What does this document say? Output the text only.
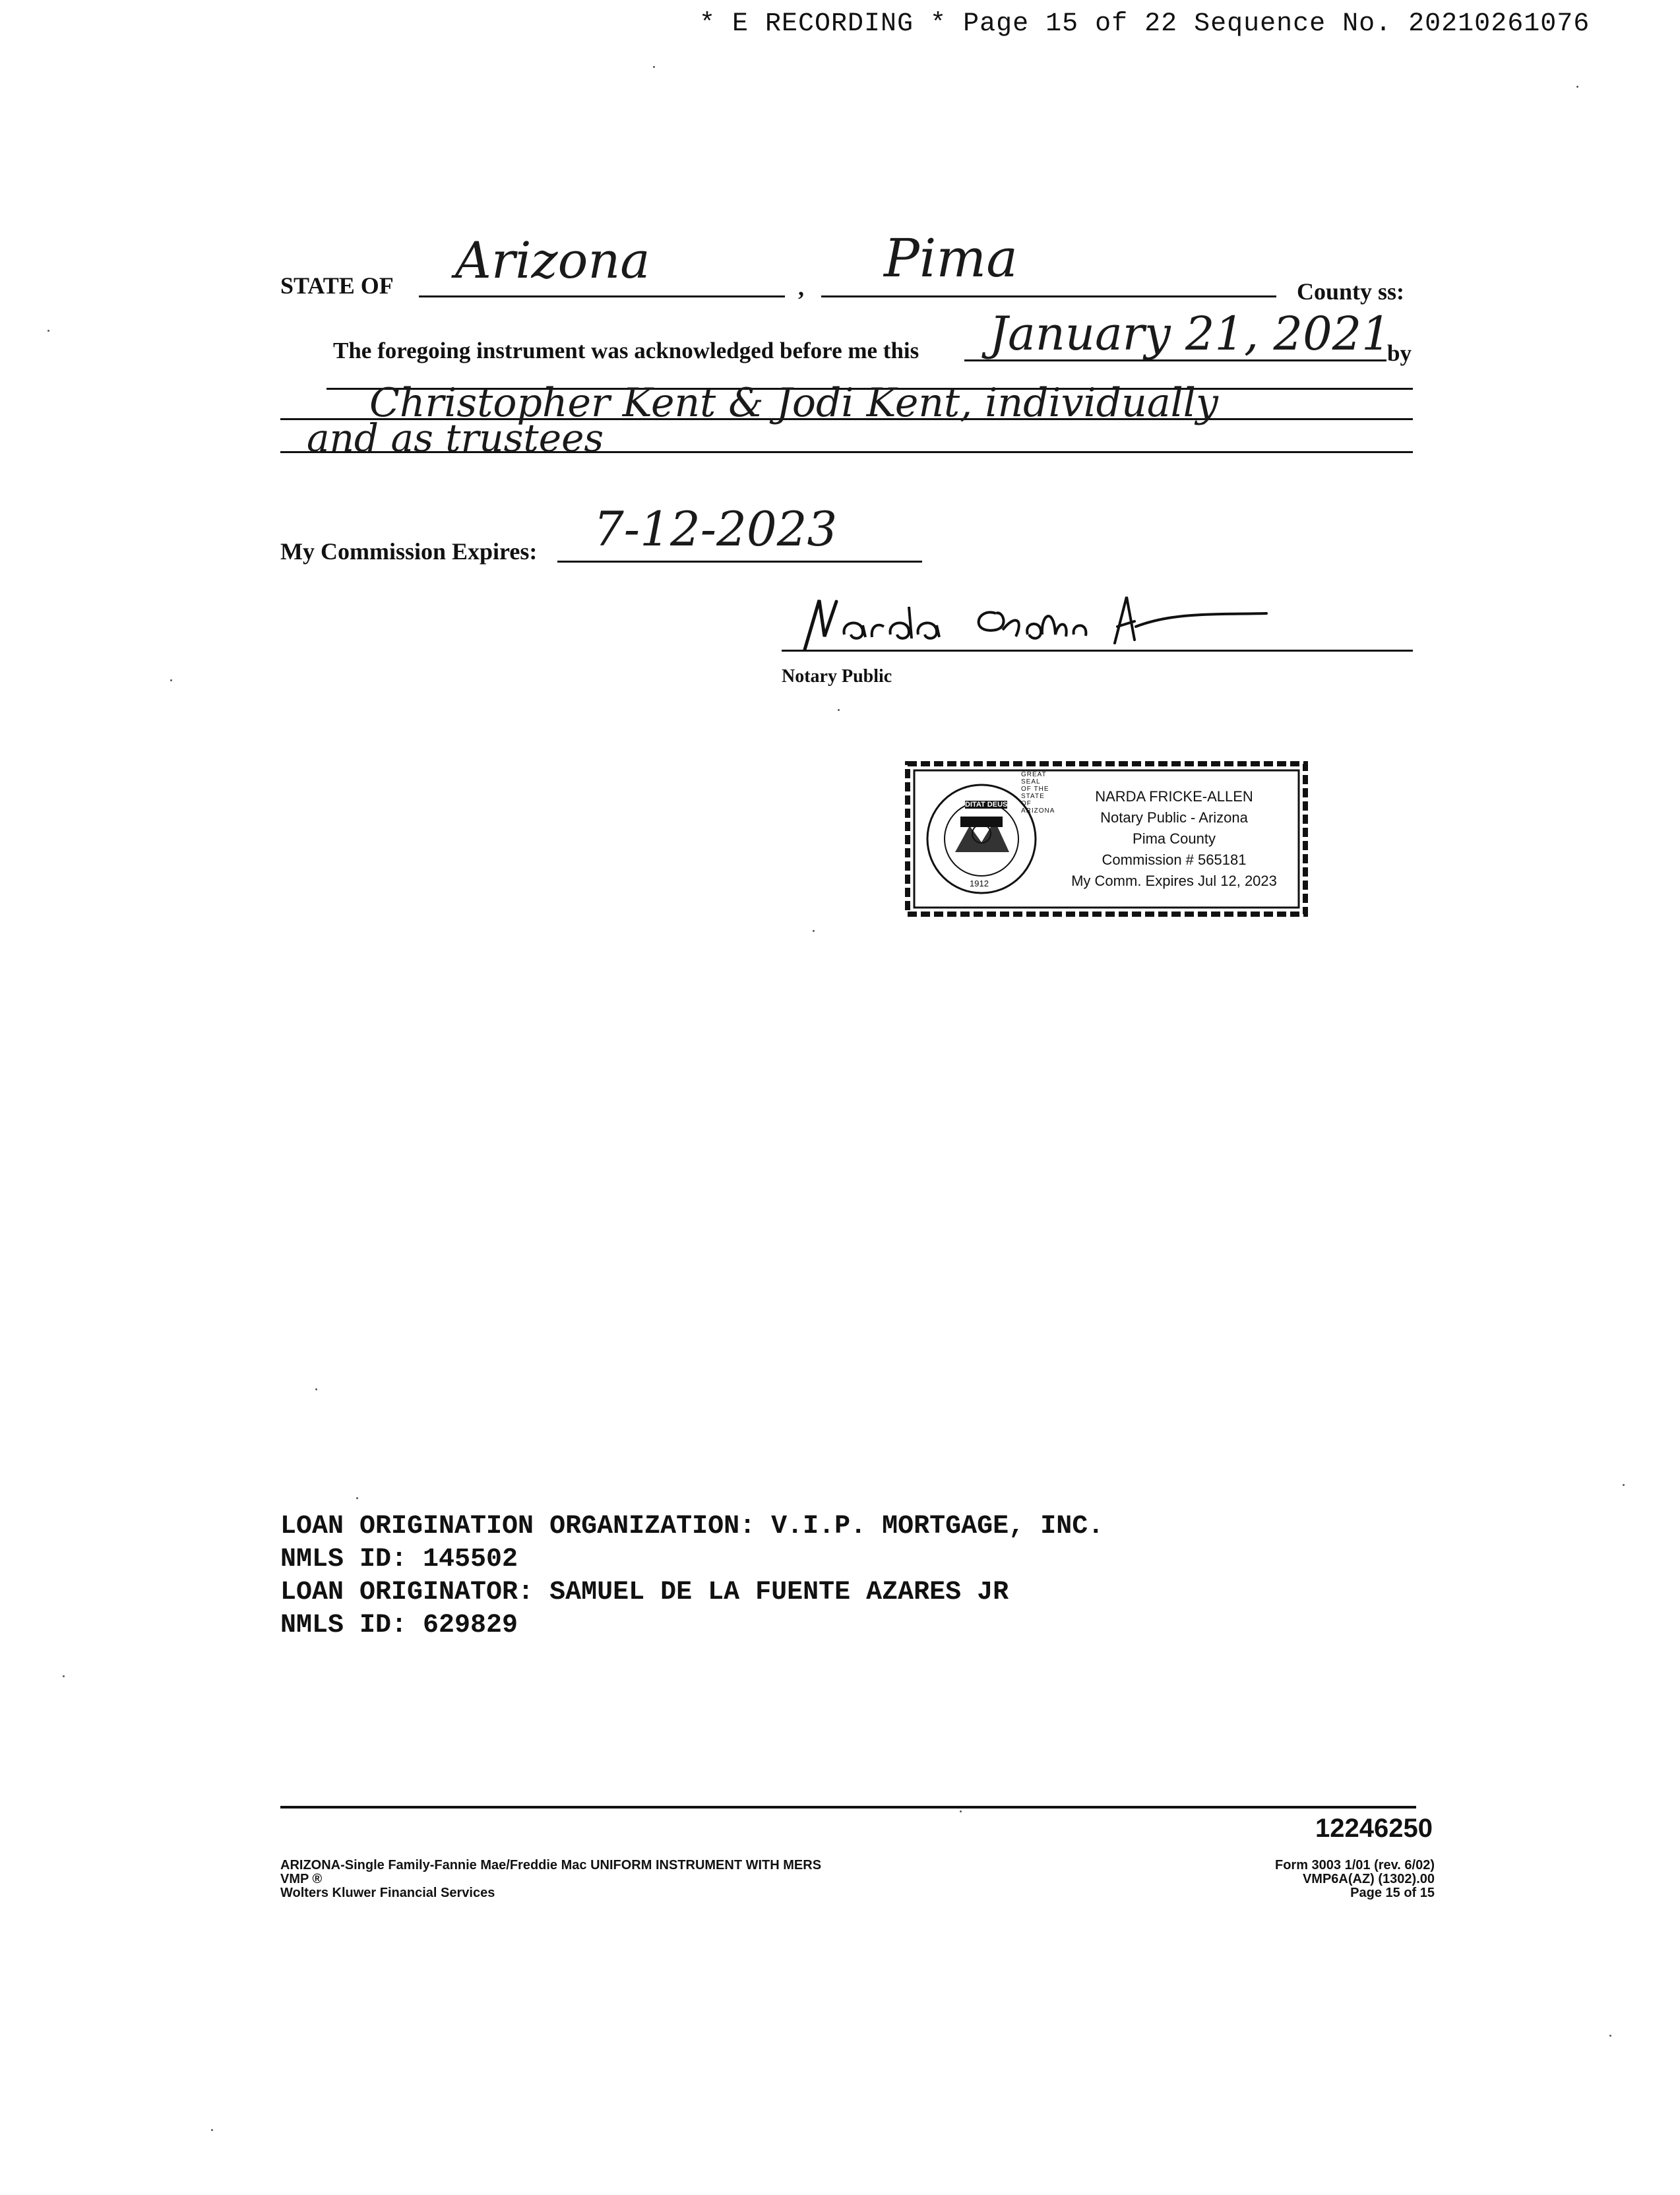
* E RECORDING * Page 15 of 22 Sequence No. 20210261076
STATE OF Arizona	, Pima
County ss:
The foregoing instrument was acknowledged before me this January 21, 2021
by
Christopher Kent & Jodi Kent, individually
and as trustees
My Commission Expires: 7-12-2023
Notary Public
GREAT SEAL OF THE STATE OF ARIZONA
DITAT DEUS
1912
NARDA FRICKE-ALLEN
Notary Public - Arizona
Pima County
Commission # 565181
My Comm. Expires Jul 12, 2023
LOAN ORIGINATION ORGANIZATION: V.I.P. MORTGAGE, INC.
NMLS ID: 145502
LOAN ORIGINATOR: SAMUEL DE LA FUENTE AZARES JR
NMLS ID: 629829
12246250
ARIZONA-Single Family-Fannie Mae/Freddie Mac UNIFORM INSTRUMENT WITH MERS
VMP ®
Wolters Kluwer Financial Services
Form 3003 1/01 (rev. 6/02)
VMP6A(AZ) (1302).00
Page 15 of 15
